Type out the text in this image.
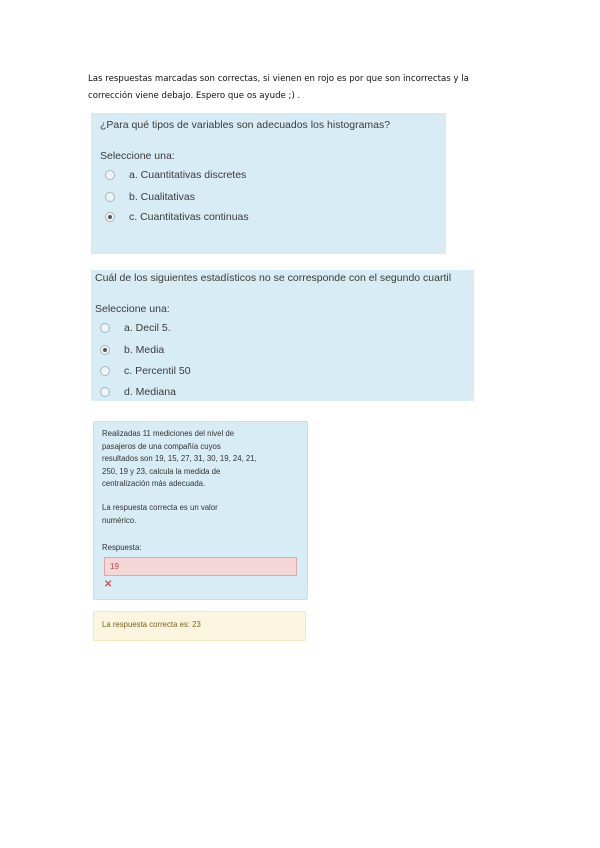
Las respuestas marcadas son correctas, si vienen en rojo es por que son incorrectas y la
corrección viene debajo. Espero que os ayude ;) .
¿Para qué tipos de variables son adecuados los histogramas?
Seleccione una:
a. Cuantitativas discretes
b. Cualitativas
c. Cuantitativas continuas
Cuál de los siguientes estadísticos no se corresponde con el segundo cuartil
Seleccione una:
a. Decil 5.
b. Media
c. Percentil 50
d. Mediana
Realizadas 11 mediciones del nivel de
pasajeros de una compañía cuyos
resultados son 19, 15, 27, 31, 30, 19, 24, 21,
250, 19 y 23, calcula la medida de
centralización más adecuada.
La respuesta correcta es un valor
numérico.
Respuesta:
19
✕
La respuesta correcta es: 23
